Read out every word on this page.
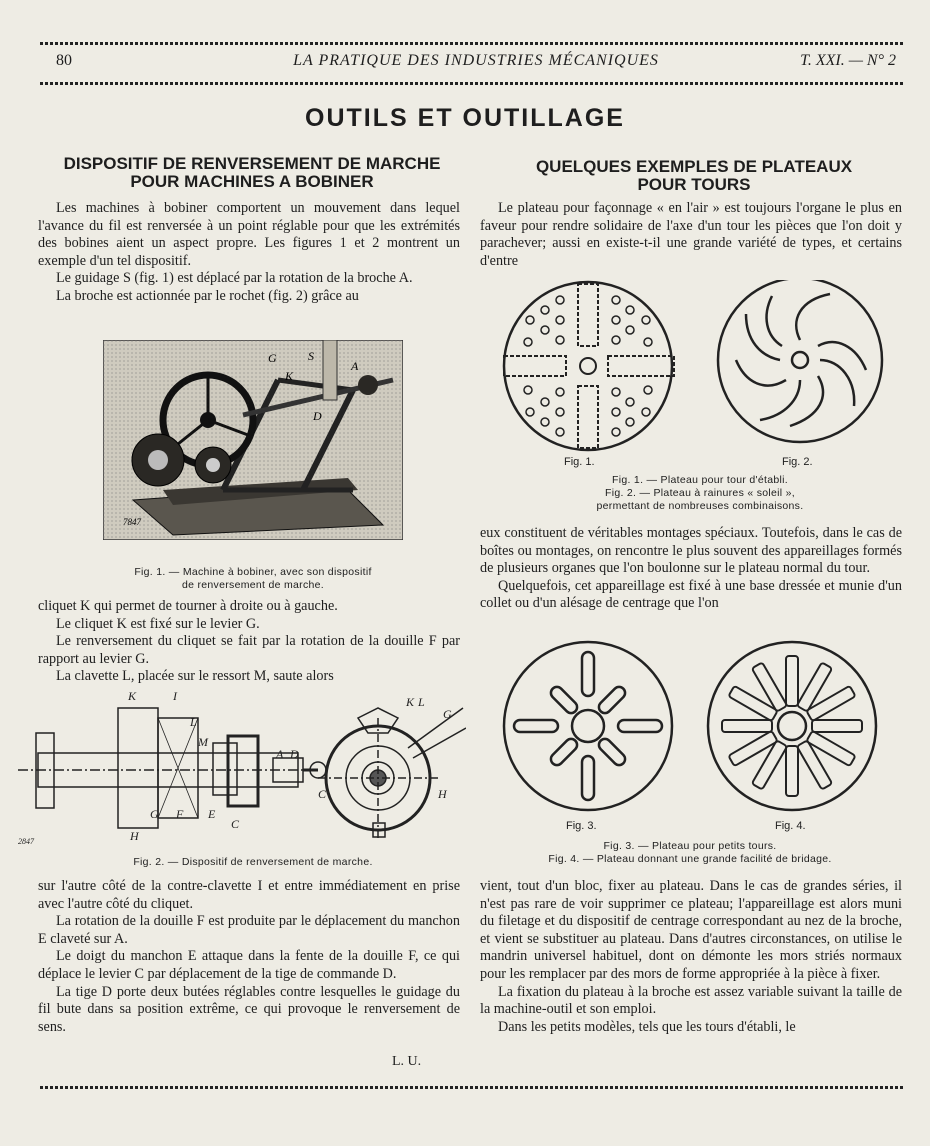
80	LA PRATIQUE DES INDUSTRIES MÉCANIQUES	T. XXI. — N° 2
OUTILS ET OUTILLAGE
DISPOSITIF DE RENVERSEMENT DE MARCHE
POUR MACHINES A BOBINER

Les machines à bobiner comportent un mouvement dans lequel l'avance du fil est renversée à un point réglable pour que les extrémités des bobines aient un aspect propre. Les figures 1 et 2 montrent un exemple d'un tel dispositif.

Le guidage S (fig. 1) est déplacé par la rotation de la broche A.

La broche est actionnée par le rochet (fig. 2) grâce au

G	S
K
A
D
7847
Fig. 1. — Machine à bobiner, avec son dispositif
de renversement de marche.

cliquet K qui permet de tourner à droite ou à gauche.

Le cliquet K est fixé sur le levier G.

Le renversement du cliquet se fait par la rotation de la douille F par rapport au levier G.

La clavette L, placée sur le ressort M, saute alors

K	I
L
M
G F E
C
H
A D
C	H
K L
G
2847
Fig. 2. — Dispositif de renversement de marche.

sur l'autre côté de la contre-clavette I et entre immédiatement en prise avec l'autre côté du cliquet.

La rotation de la douille F est produite par le déplacement du manchon E claveté sur A.

Le doigt du manchon E attaque dans la fente de la douille F, ce qui déplace le levier C par déplacement de la tige de commande D.

La tige D porte deux butées réglables contre lesquelles le guidage du fil bute dans sa position extrême, ce qui provoque le renversement de sens.

L. U.
QUELQUES EXEMPLES DE PLATEAUX
POUR TOURS

Le plateau pour façonnage « en l'air » est toujours l'organe le plus en faveur pour rendre solidaire de l'axe d'un tour les pièces que l'on doit y parachever; aussi en existe-t-il une grande variété de types, et certains d'entre

Fig. 1.	Fig. 2.
Fig. 1. — Plateau pour tour d'établi.
Fig. 2. — Plateau à rainures « soleil »,
permettant de nombreuses combinaisons.

eux constituent de véritables montages spéciaux. Toutefois, dans le cas de boîtes ou montages, on rencontre le plus souvent des appareillages formés de plusieurs organes que l'on boulonne sur le plateau normal du tour.

Quelquefois, cet appareillage est fixé à une base dressée et munie d'un collet ou d'un alésage de centrage que l'on

Fig. 3.	Fig. 4.
Fig. 3. — Plateau pour petits tours.
Fig. 4. — Plateau donnant une grande facilité de bridage.

vient, tout d'un bloc, fixer au plateau. Dans le cas de grandes séries, il n'est pas rare de voir supprimer ce plateau; l'appareillage est alors muni du filetage et du dispositif de centrage correspondant au nez de la broche, et vient se substituer au plateau. Dans d'autres circonstances, on utilise le mandrin universel habituel, dont on démonte les mors striés normaux pour les remplacer par des mors de forme appropriée à la pièce à fixer.

La fixation du plateau à la broche est assez variable suivant la taille de la machine-outil et son emploi.

Dans les petits modèles, tels que les tours d'établi, le
